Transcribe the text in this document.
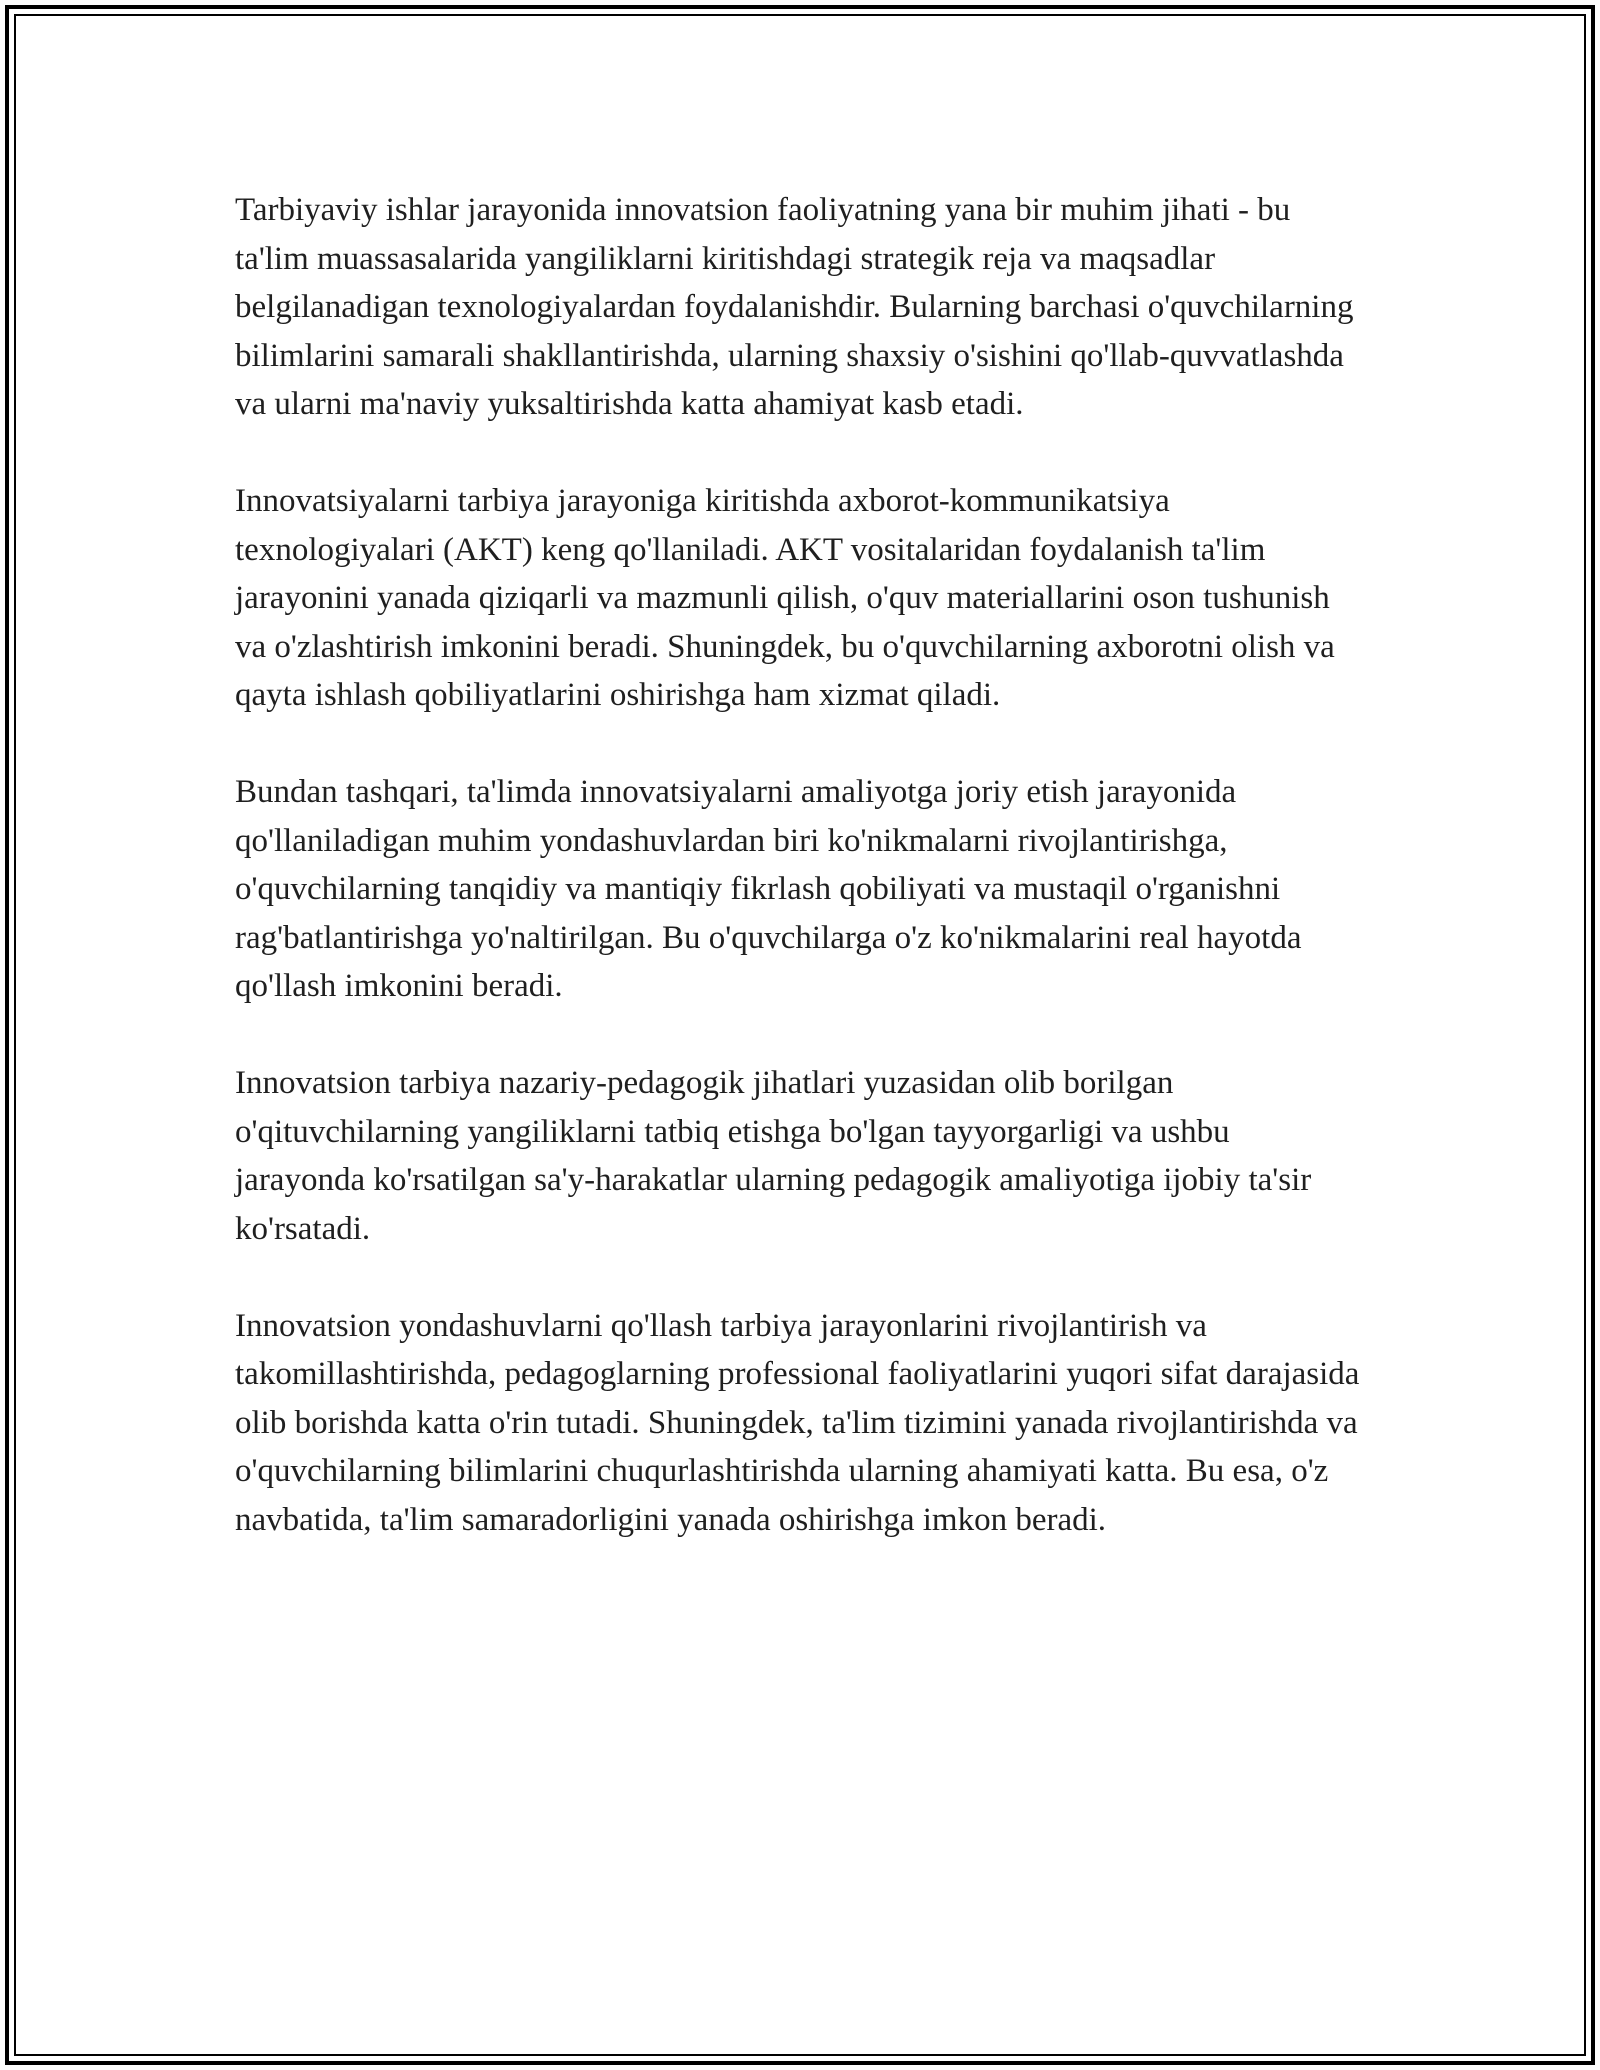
Tarbiyaviy ishlar jarayonida innovatsion faoliyatning yana bir muhim jihati - bu ta'lim muassasalarida yangiliklarni kiritishdagi strategik reja va maqsadlar belgilanadigan texnologiyalardan foydalanishdir. Bularning barchasi o'quvchilarning bilimlarini samarali shakllantirishda, ularning shaxsiy o'sishini qo'llab-quvvatlashda va ularni ma'naviy yuksaltirishda katta ahamiyat kasb etadi.

Innovatsiyalarni tarbiya jarayoniga kiritishda axborot-kommunikatsiya texnologiyalari (AKT) keng qo'llaniladi. AKT vositalaridan foydalanish ta'lim jarayonini yanada qiziqarli va mazmunli qilish, o'quv materiallarini oson tushunish va o'zlashtirish imkonini beradi. Shuningdek, bu o'quvchilarning axborotni olish va qayta ishlash qobiliyatlarini oshirishga ham xizmat qiladi.

Bundan tashqari, ta'limda innovatsiyalarni amaliyotga joriy etish jarayonida qo'llaniladigan muhim yondashuvlardan biri ko'nikmalarni rivojlantirishga, o'quvchilarning tanqidiy va mantiqiy fikrlash qobiliyati va mustaqil o'rganishni rag'batlantirishga yo'naltirilgan. Bu o'quvchilarga o'z ko'nikmalarini real hayotda qo'llash imkonini beradi.

Innovatsion tarbiya nazariy-pedagogik jihatlari yuzasidan olib borilgan o'qituvchilarning yangiliklarni tatbiq etishga bo'lgan tayyorgarligi va ushbu jarayonda ko'rsatilgan sa'y-harakatlar ularning pedagogik amaliyotiga ijobiy ta'sir ko'rsatadi.

Innovatsion yondashuvlarni qo'llash tarbiya jarayonlarini rivojlantirish va takomillashtirishda, pedagoglarning professional faoliyatlarini yuqori sifat darajasida olib borishda katta o'rin tutadi. Shuningdek, ta'lim tizimini yanada rivojlantirishda va o'quvchilarning bilimlarini chuqurlashtirishda ularning ahamiyati katta. Bu esa, o'z navbatida, ta'lim samaradorligini yanada oshirishga imkon beradi.
